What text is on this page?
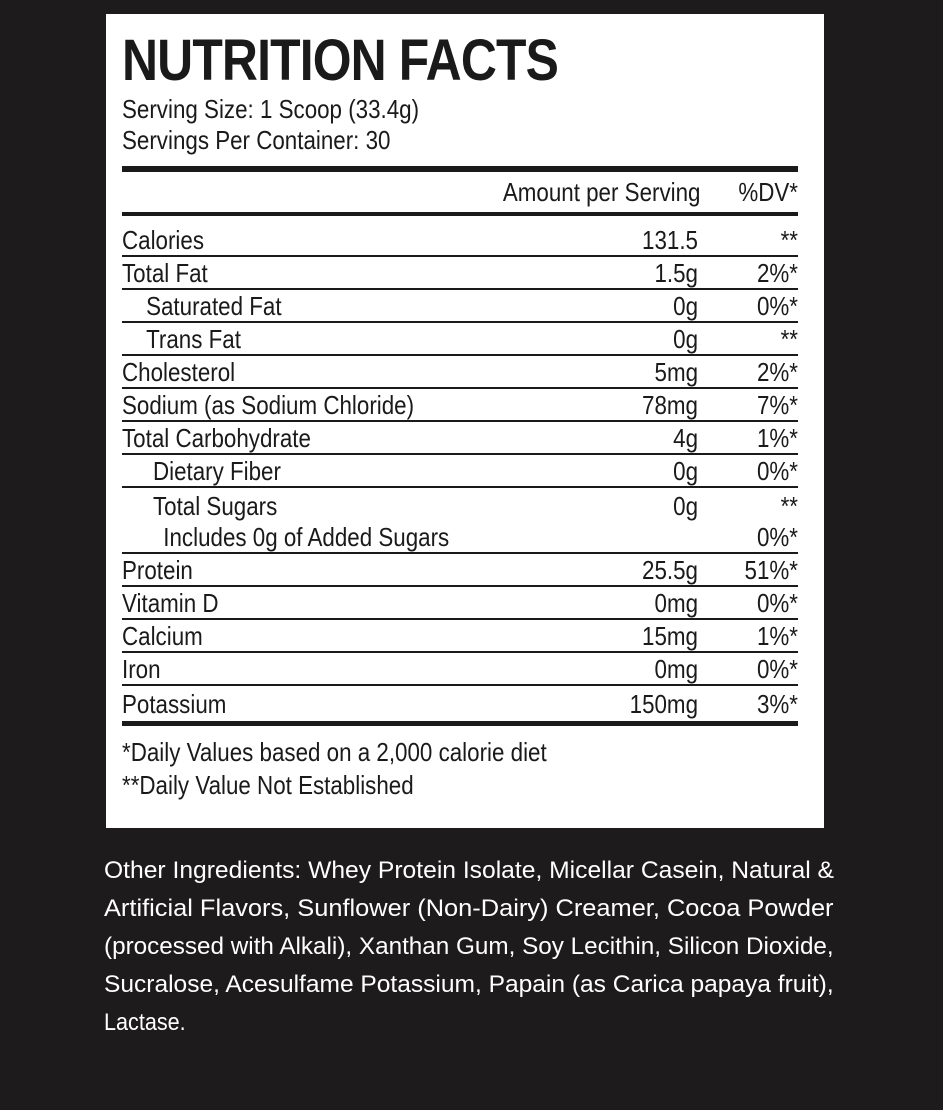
NUTRITION FACTS
Serving Size: 1 Scoop (33.4g)
Servings Per Container: 30
Amount per Serving	%DV*
Calories	131.5	**
Total Fat	1.5g	2%*
Saturated Fat	0g	0%*
Trans Fat	0g	**
Cholesterol	5mg	2%*
Sodium (as Sodium Chloride)	78mg	7%*
Total Carbohydrate	4g	1%*
Dietary Fiber	0g	0%*
Total Sugars	0g	**
Includes 0g of Added Sugars	0%*
Protein	25.5g	51%*
Vitamin D	0mg	0%*
Calcium	15mg	1%*
Iron	0mg	0%*
Potassium	150mg	3%*
*Daily Values based on a 2,000 calorie diet
**Daily Value Not Established
Other Ingredients: Whey Protein Isolate, Micellar Casein, Natural &
Artificial Flavors, Sunflower (Non-Dairy) Creamer, Cocoa Powder
(processed with Alkali), Xanthan Gum, Soy Lecithin, Silicon Dioxide,
Sucralose, Acesulfame Potassium, Papain (as Carica papaya fruit),
Lactase.
